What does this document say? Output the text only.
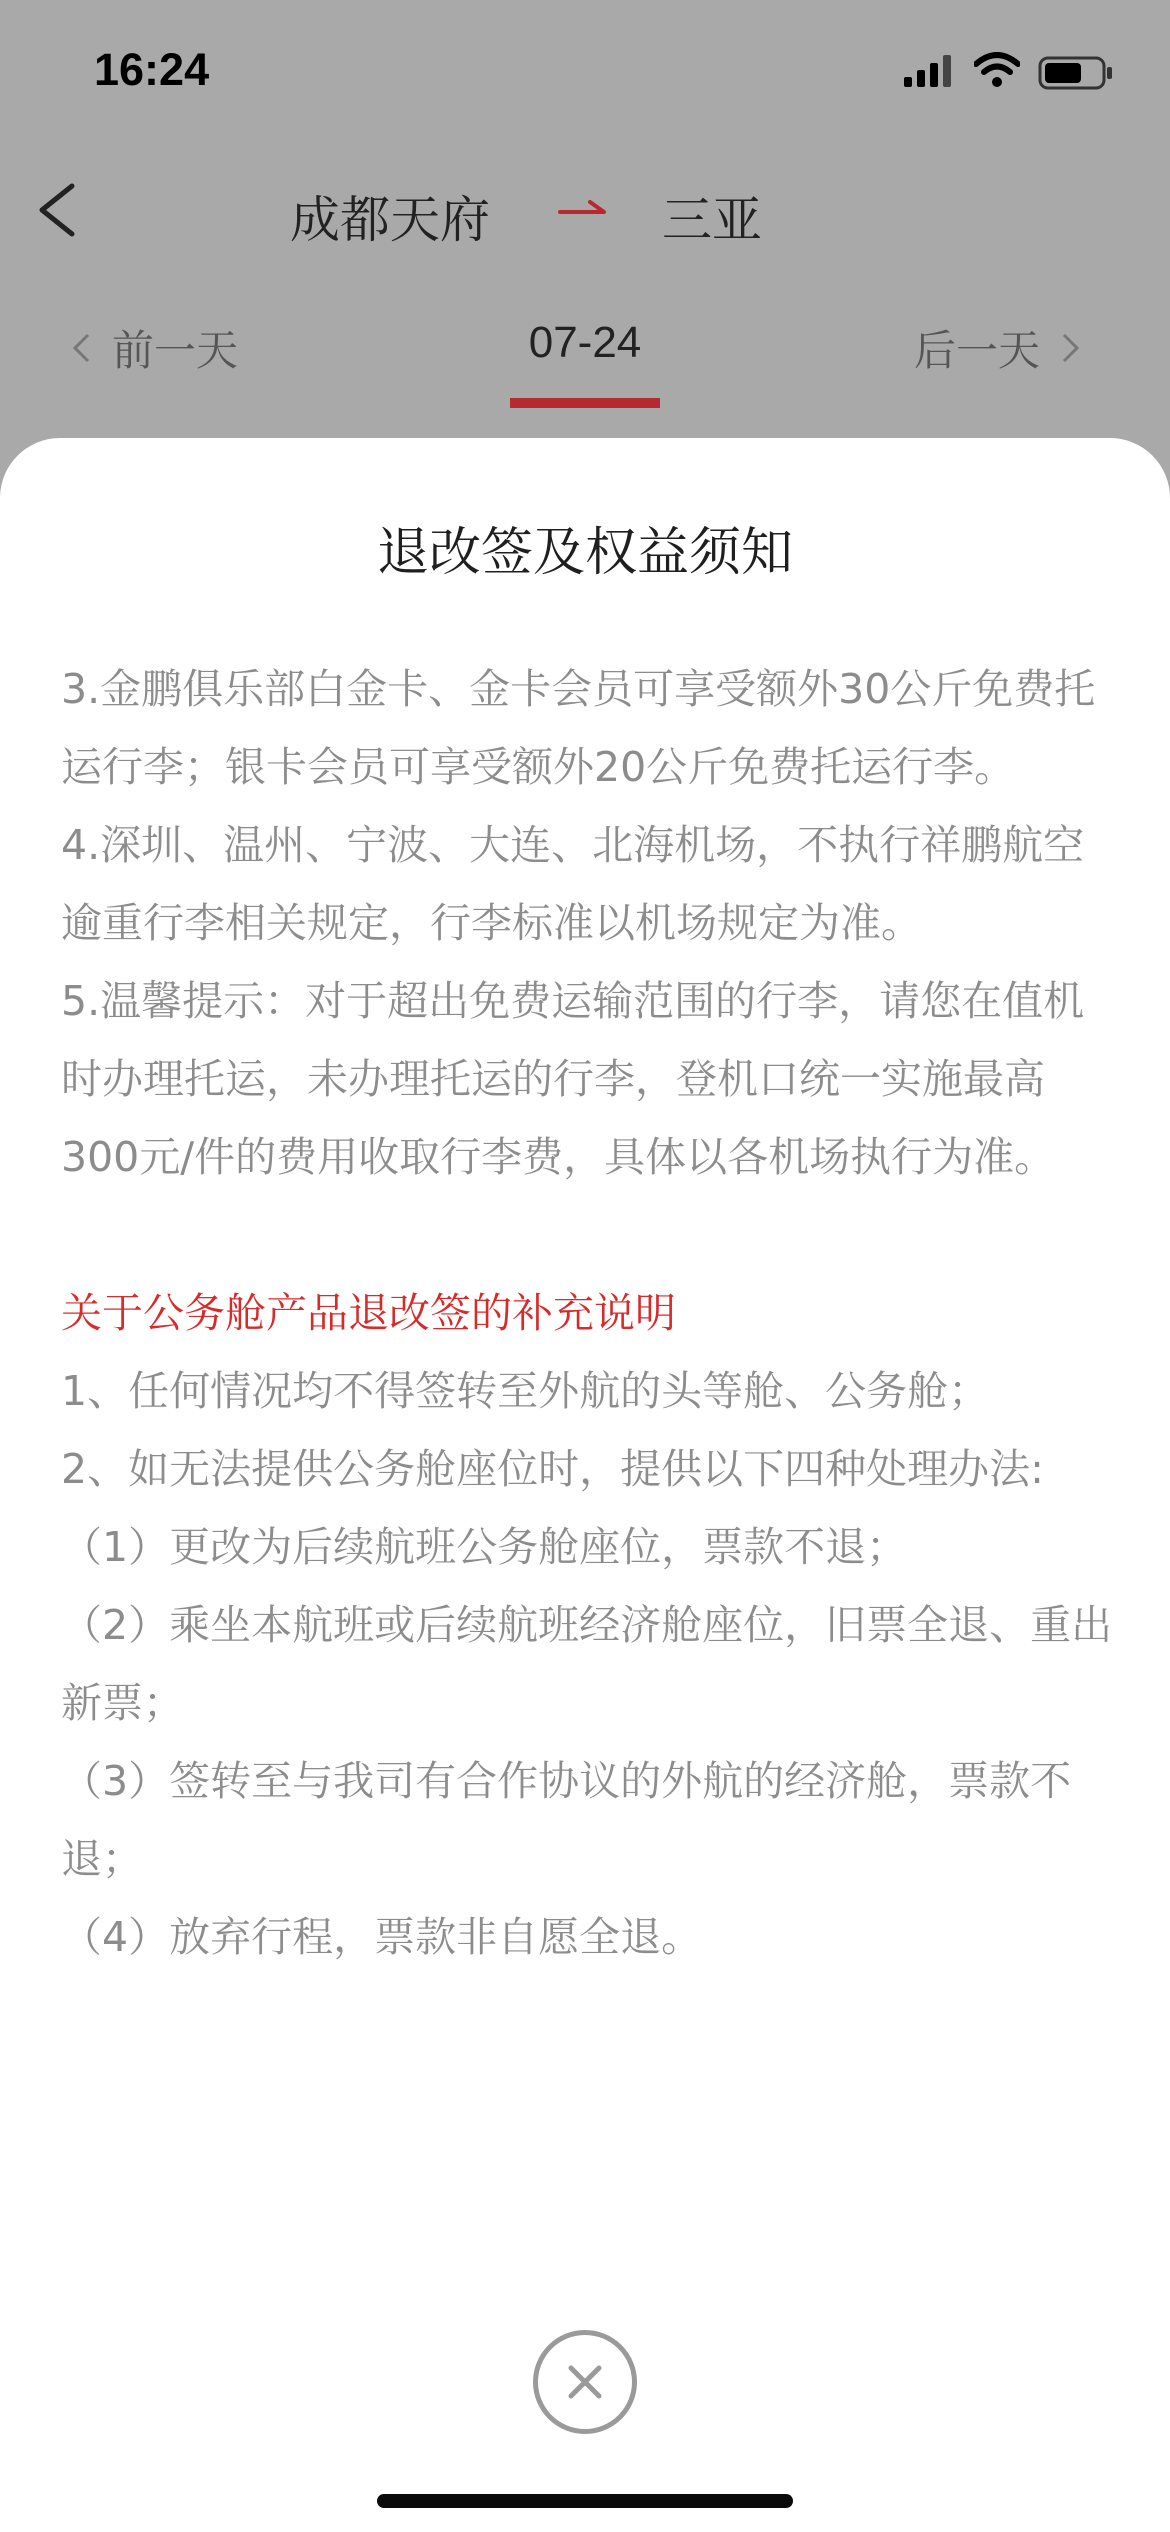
16:24
成都天府	三亚
前一天	07-24	后一天
退改签及权益须知

3.金鹏俱乐部白金卡、金卡会员可享受额外30公斤免费托运行李；银卡会员可享受额外20公斤免费托运行李。

4.深圳、温州、宁波、大连、北海机场，不执行祥鹏航空逾重行李相关规定，行李标准以机场规定为准。

5.温馨提示：对于超出免费运输范围的行李，请您在值机时办理托运，未办理托运的行李，登机口统一实施最高300元/件的费用收取行李费，具体以各机场执行为准。

关于公务舱产品退改签的补充说明

1、任何情况均不得签转至外航的头等舱、公务舱；

2、如无法提供公务舱座位时，提供以下四种处理办法:

（1）更改为后续航班公务舱座位，票款不退；

（2）乘坐本航班或后续航班经济舱座位，旧票全退、重出新票；

（3）签转至与我司有合作协议的外航的经济舱，票款不退；

（4）放弃行程，票款非自愿全退。
